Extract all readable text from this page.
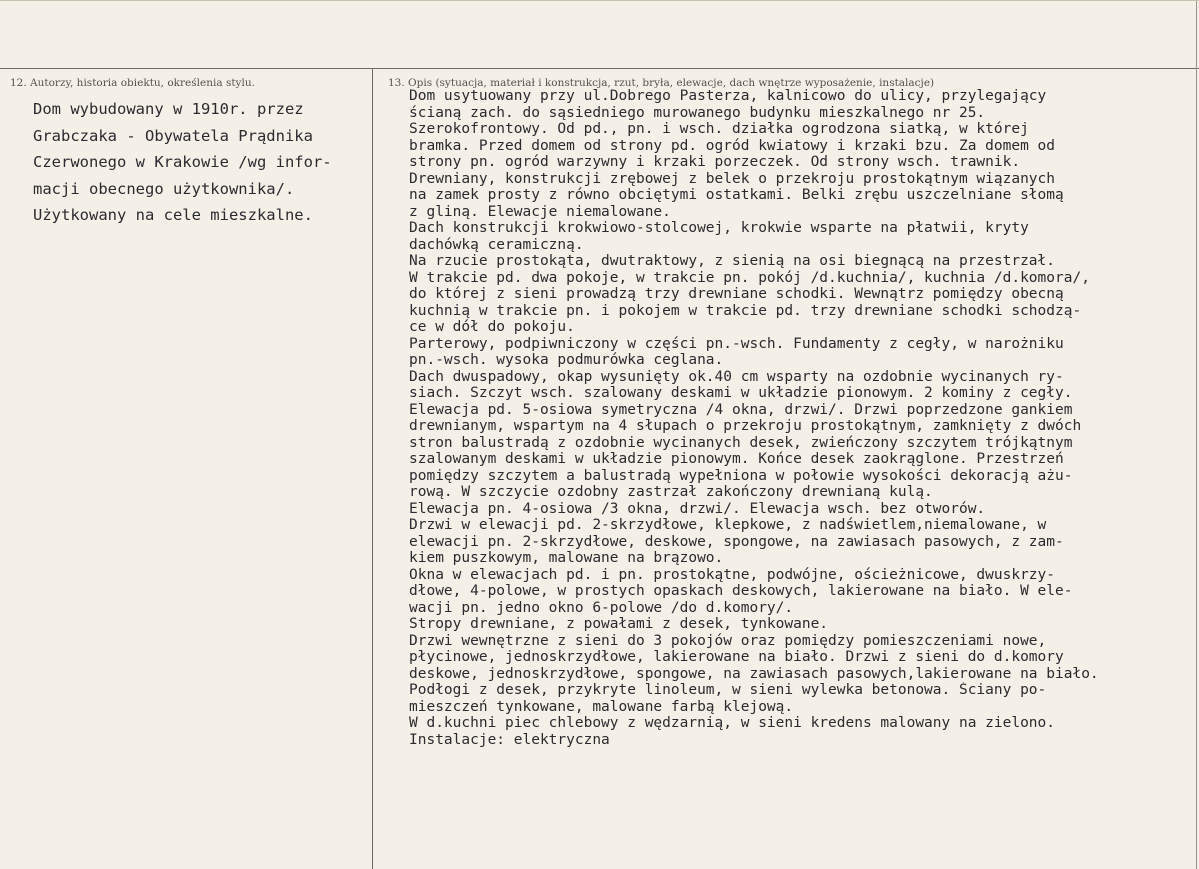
12. Autorzy, historia obiektu, określenia stylu.	13. Opis (sytuacja, materiał i konstrukcja, rzut, bryła, elewacje, dach wnętrze wyposażenie, instalacje)
Dom wybudowany w 1910r. przez
Grabczaka - Obywatela Prądnika
Czerwonego w Krakowie /wg infor-
macji obecnego użytkownika/.
Użytkowany na cele mieszkalne.
Dom usytuowany przy ul.Dobrego Pasterza, kalnicowo do ulicy, przylegający
ścianą zach. do sąsiedniego murowanego budynku mieszkalnego nr 25.
Szerokofrontowy. Od pd., pn. i wsch. działka ogrodzona siatką, w której
bramka. Przed domem od strony pd. ogród kwiatowy i krzaki bzu. Za domem od
strony pn. ogród warzywny i krzaki porzeczek. Od strony wsch. trawnik.
Drewniany, konstrukcji zrębowej z belek o przekroju prostokątnym wiązanych
na zamek prosty z równo obciętymi ostatkami. Belki zrębu uszczelniane słomą
z gliną. Elewacje niemalowane.
Dach konstrukcji krokwiowo-stolcowej, krokwie wsparte na płatwii, kryty
dachówką ceramiczną.
Na rzucie prostokąta, dwutraktowy, z sienią na osi biegnącą na przestrzał.
W trakcie pd. dwa pokoje, w trakcie pn. pokój /d.kuchnia/, kuchnia /d.komora/,
do której z sieni prowadzą trzy drewniane schodki. Wewnątrz pomiędzy obecną
kuchnią w trakcie pn. i pokojem w trakcie pd. trzy drewniane schodki schodzą-
ce w dół do pokoju.
Parterowy, podpiwniczony w części pn.-wsch. Fundamenty z cegły, w narożniku
pn.-wsch. wysoka podmurówka ceglana.
Dach dwuspadowy, okap wysunięty ok.40 cm wsparty na ozdobnie wycinanych ry-
siach. Szczyt wsch. szalowany deskami w układzie pionowym. 2 kominy z cegły.
Elewacja pd. 5-osiowa symetryczna /4 okna, drzwi/. Drzwi poprzedzone gankiem
drewnianym, wspartym na 4 słupach o przekroju prostokątnym, zamknięty z dwóch
stron balustradą z ozdobnie wycinanych desek, zwieńczony szczytem trójkątnym
szalowanym deskami w układzie pionowym. Końce desek zaokrąglone. Przestrzeń
pomiędzy szczytem a balustradą wypełniona w połowie wysokości dekoracją ażu-
rową. W szczycie ozdobny zastrzał zakończony drewnianą kulą.
Elewacja pn. 4-osiowa /3 okna, drzwi/. Elewacja wsch. bez otworów.
Drzwi w elewacji pd. 2-skrzydłowe, klepkowe, z nadświetlem,niemalowane, w
elewacji pn. 2-skrzydłowe, deskowe, spongowe, na zawiasach pasowych, z zam-
kiem puszkowym, malowane na brązowo.
Okna w elewacjach pd. i pn. prostokątne, podwójne, ościeżnicowe, dwuskrzy-
dłowe, 4-polowe, w prostych opaskach deskowych, lakierowane na biało. W ele-
wacji pn. jedno okno 6-polowe /do d.komory/.
Stropy drewniane, z powałami z desek, tynkowane.
Drzwi wewnętrzne z sieni do 3 pokojów oraz pomiędzy pomieszczeniami nowe,
płycinowe, jednoskrzydłowe, lakierowane na biało. Drzwi z sieni do d.komory
deskowe, jednoskrzydłowe, spongowe, na zawiasach pasowych,lakierowane na biało.
Podłogi z desek, przykryte linoleum, w sieni wylewka betonowa. Ściany po-
mieszczeń tynkowane, malowane farbą klejową.
W d.kuchni piec chlebowy z wędzarnią, w sieni kredens malowany na zielono.
Instalacje: elektryczna
